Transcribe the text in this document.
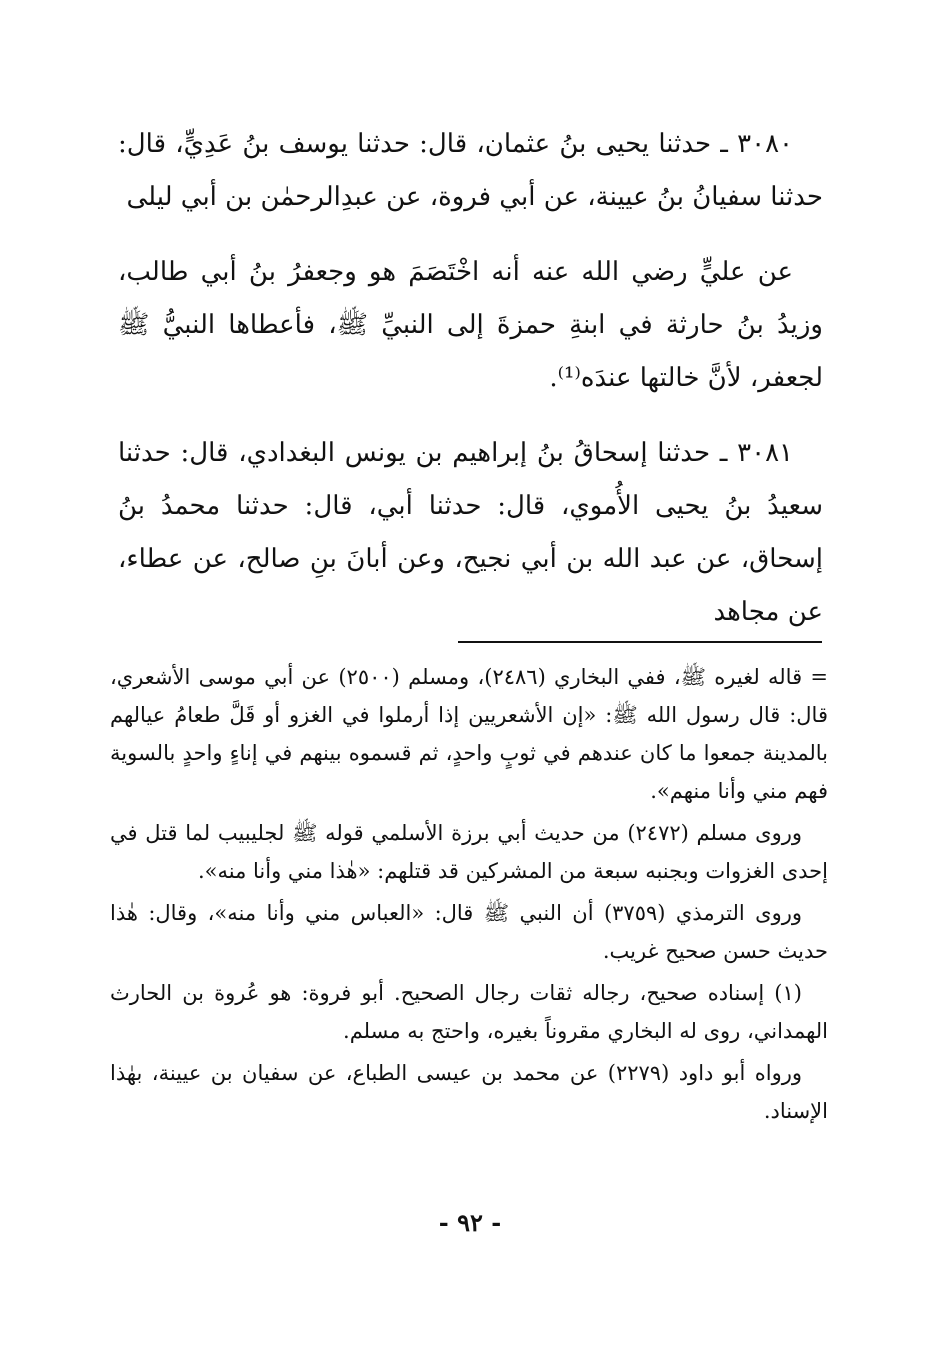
٣٠٨٠ ـ حدثنا يحيى بنُ عثمان، قال: حدثنا يوسف بنُ عَدِيٍّ، قال: حدثنا سفيانُ بنُ عيينة، عن أبي فروة، عن عبدِالرحمٰن بن أبي ليلى

عن عليٍّ رضي الله عنه أنه اخْتَصَمَ هو وجعفرُ بنُ أبي طالب، وزيدُ بنُ حارثة في ابنةِ حمزةَ إلى النبيِّ ﷺ، فأعطاها النبيُّ ﷺ لجعفر، لأنَّ خالتها عندَه⁽¹⁾.

٣٠٨١ ـ حدثنا إسحاقُ بنُ إبراهيم بن يونس البغدادي، قال: حدثنا سعيدُ بنُ يحيى الأُموي، قال: حدثنا أبي، قال: حدثنا محمدُ بنُ إسحاق، عن عبد الله بن أبي نجيح، وعن أبانَ بنِ صالح، عن عطاء، عن مجاهد

= قاله لغيره ﷺ، ففي البخاري (٢٤٨٦)، ومسلم (٢٥٠٠) عن أبي موسى الأشعري، قال: قال رسول الله ﷺ: «إن الأشعريين إذا أرملوا في الغزو أو قَلَّ طعامُ عيالهم بالمدينة جمعوا ما كان عندهم في ثوبٍ واحدٍ، ثم قسموه بينهم في إناءٍ واحدٍ بالسوية فهم مني وأنا منهم».

وروى مسلم (٢٤٧٢) من حديث أبي برزة الأسلمي قوله ﷺ لجليبيب لما قتل في إحدى الغزوات وبجنبه سبعة من المشركين قد قتلهم: «هٰذا مني وأنا منه».

وروى الترمذي (٣٧٥٩) أن النبي ﷺ قال: «العباس مني وأنا منه»، وقال: هٰذا حديث حسن صحيح غريب.

(١) إسناده صحيح، رجاله ثقات رجال الصحيح. أبو فروة: هو عُروة بن الحارث الهمداني، روى له البخاري مقروناً بغيره، واحتج به مسلم.

ورواه أبو داود (٢٢٧٩) عن محمد بن عيسى الطباع، عن سفيان بن عيينة، بهٰذا الإسناد.

- ٩٢ -
